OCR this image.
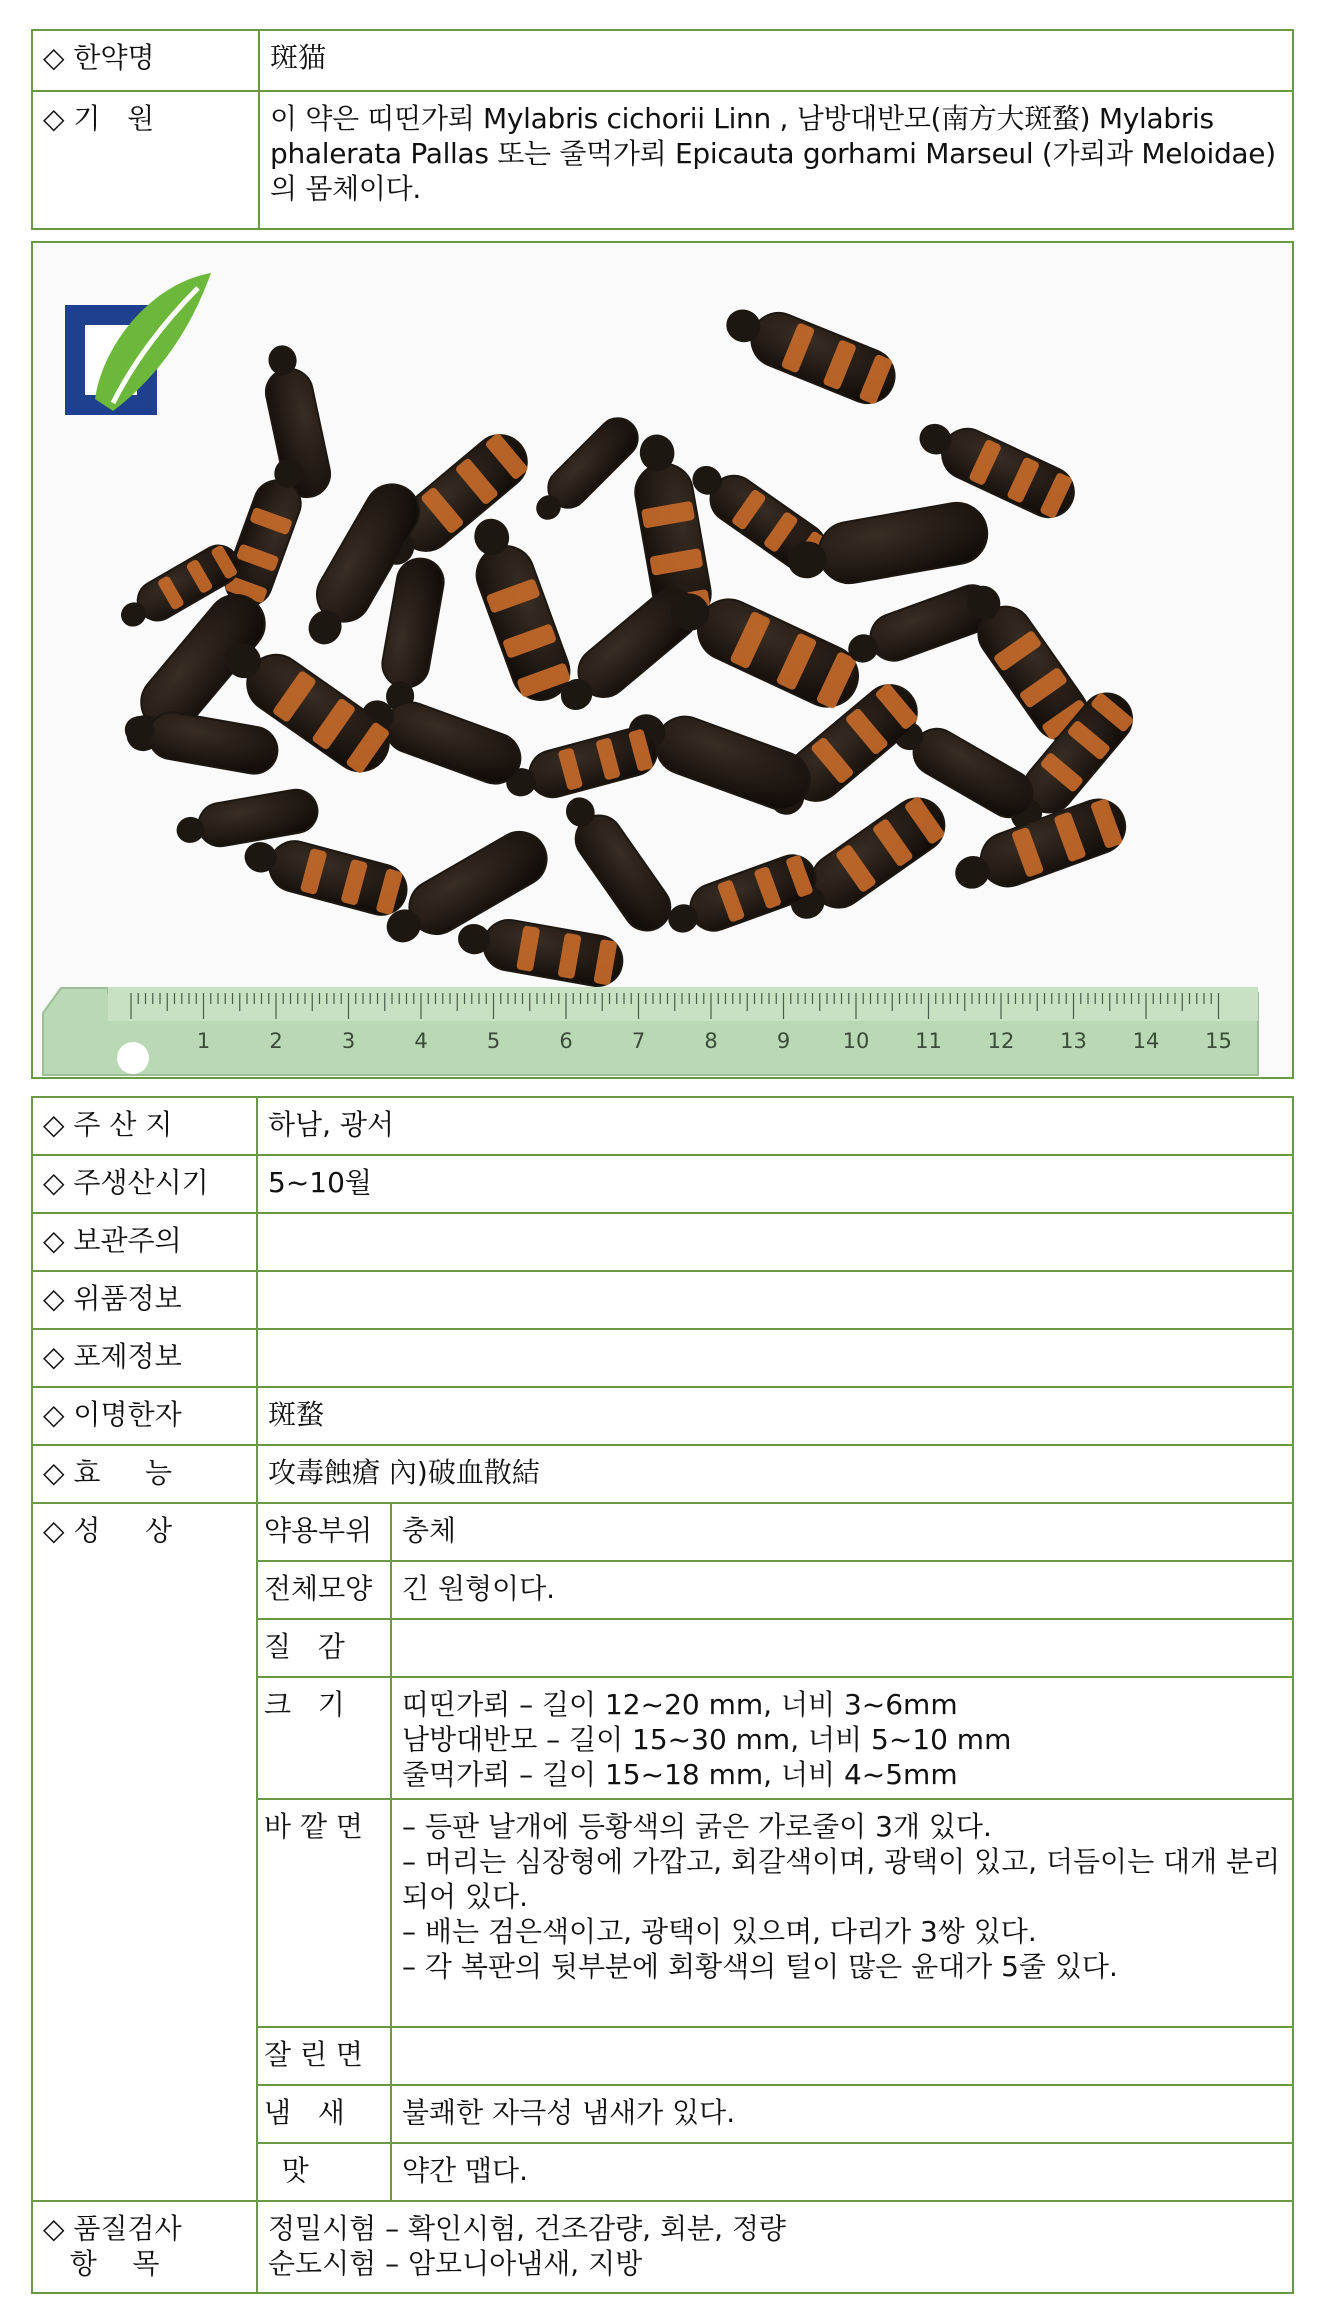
◇ 한약명	斑猫
◇ 기   원	이 약은 띠띤가뢰 Mylabris cichorii Linn , 남방대반모(南方大斑蝥) Mylabris phalerata Pallas 또는 줄먹가뢰 Epicauta gorhami Marseul (가뢰과 Meloidae)의 몸체이다.
1	2	3	4	5	6	7	8	9 10 11 12 13 14 15
◇ 주 산 지	하남, 광서	
◇ 주생산시기	5~10월	
◇ 보관주의		
◇ 위품정보		
◇ 포제정보		
◇ 이명한자	斑蝥	
◇ 효     능	攻毒蝕瘡 內)破血散結	
◇ 성     상	약용부위	충체
	전체모양	긴 원형이다.
	질   감	
	크   기	띠띤가뢰 – 길이 12~20 mm, 너비 3~6mm
남방대반모 – 길이 15~30 mm, 너비 5~10 mm
줄먹가뢰 – 길이 15~18 mm, 너비 4~5mm
	바 깥 면	– 등판 날개에 등황색의 굵은 가로줄이 3개 있다.
– 머리는 심장형에 가깝고, 회갈색이며, 광택이 있고, 더듬이는 대개 분리되어 있다.
– 배는 검은색이고, 광택이 있으며, 다리가 3쌍 있다.
– 각 복판의 뒷부분에 회황색의 털이 많은 윤대가 5줄 있다.
	잘 린 면	
	냄   새	불쾌한 자극성 냄새가 있다.
	맛	약간 맵다.
◇ 품질검사
항    목	정밀시험 – 확인시험, 건조감량, 회분, 정량
순도시험 – 암모니아냄새, 지방	
